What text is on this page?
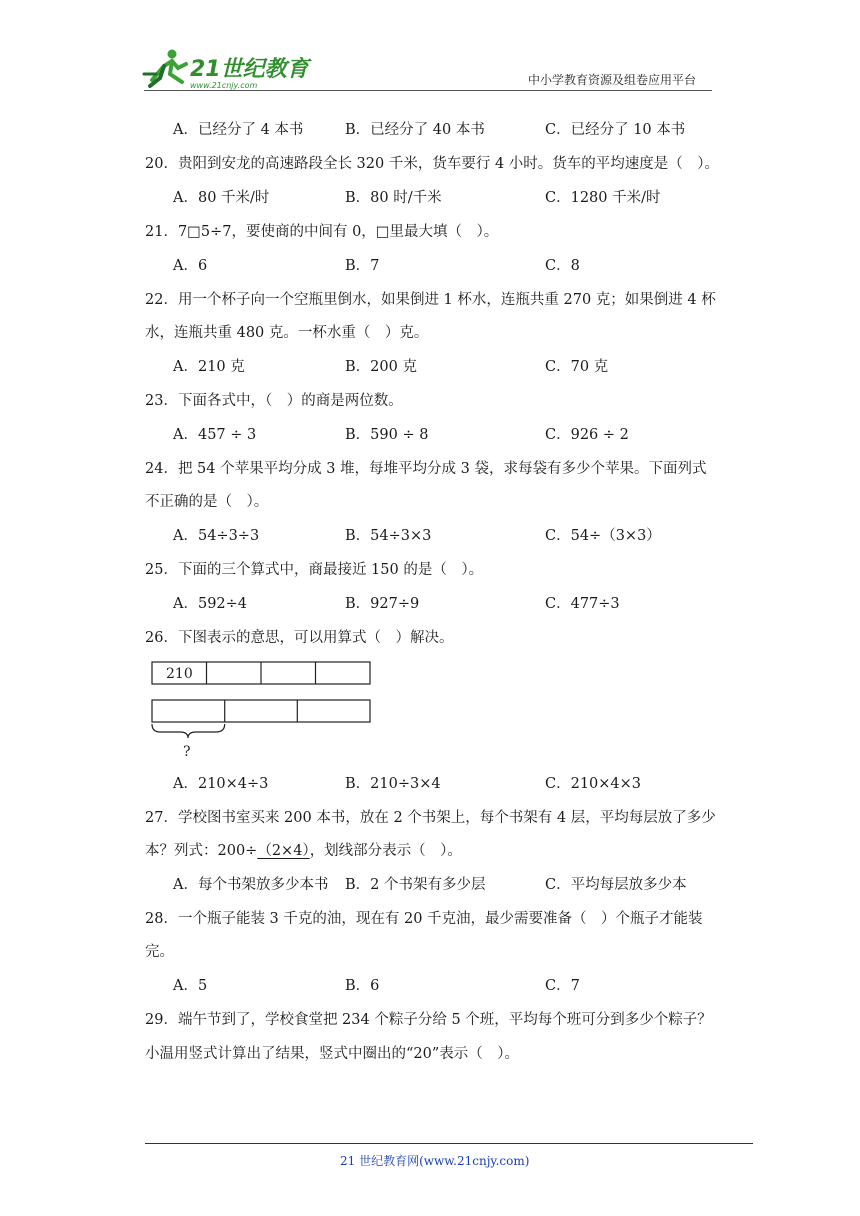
21世纪教育
www.21cnjy.com	中小学教育资源及组卷应用平台
A．已经分了 4 本书	B．已经分了 40 本书	C．已经分了 10 本书
20．贵阳到安龙的高速路段全长 320 千米，货车要行 4 小时。货车的平均速度是（　）。
A．80 千米/时	B．80 时/千米	C．1280 千米/时
21．7□5÷7，要使商的中间有 0，□里最大填（　）。
A．6	B．7	C．8
22．用一个杯子向一个空瓶里倒水，如果倒进 1 杯水，连瓶共重 270 克；如果倒进 4 杯
水，连瓶共重 480 克。一杯水重（　）克。
A．210 克	B．200 克	C．70 克
23．下面各式中，（　）的商是两位数。
A．457 ÷ 3	B．590 ÷ 8	C．926 ÷ 2
24．把 54 个苹果平均分成 3 堆，每堆平均分成 3 袋，求每袋有多少个苹果。下面列式
不正确的是（　）。
A．54÷3÷3	B．54÷3×3	C．54÷（3×3）
25．下面的三个算式中，商最接近 150 的是（　）。
A．592÷4	B．927÷9	C．477÷3
26．下图表示的意思，可以用算式（　）解决。
210
?
A．210×4÷3	B．210÷3×4	C．210×4×3
27．学校图书室买来 200 本书，放在 2 个书架上，每个书架有 4 层，平均每层放了多少
本？列式：200÷（2×4），划线部分表示（　）。
A．每个书架放多少本书 B．2 个书架有多少层	C．平均每层放多少本
28．一个瓶子能装 3 千克的油，现在有 20 千克油，最少需要准备（　）个瓶子才能装
完。
A．5	B．6	C．7
29．端午节到了，学校食堂把 234 个粽子分给 5 个班，平均每个班可分到多少个粽子？
小温用竖式计算出了结果，竖式中圈出的“20”表示（　）。
21 世纪教育网(www.21cnjy.com)
